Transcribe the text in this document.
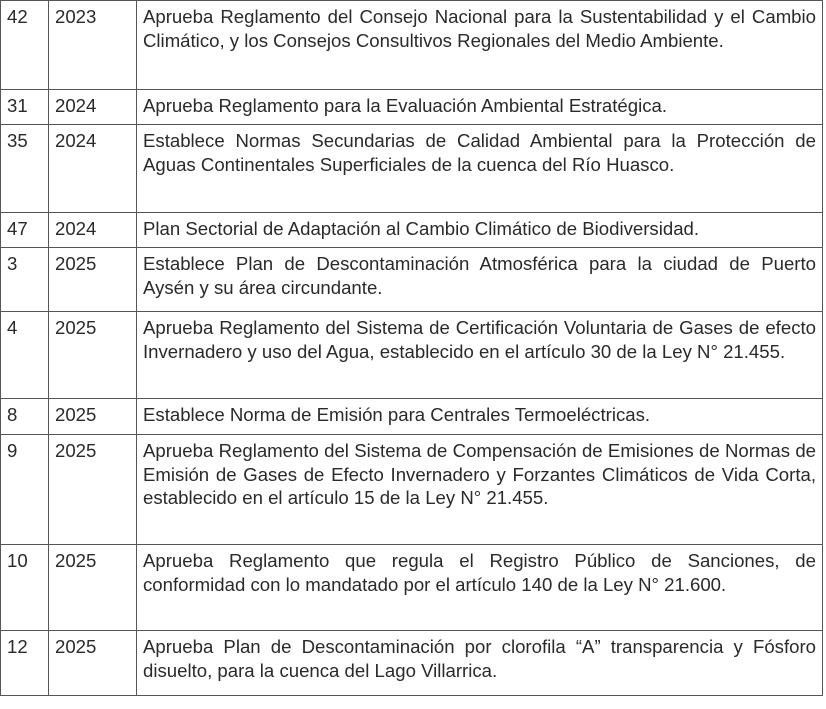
42	2023	Aprueba Reglamento del Consejo Nacional para la Sustentabilidad y el Cambio Climático, y los Consejos Consultivos Regionales del Medio Ambiente.
31	2024	Aprueba Reglamento para la Evaluación Ambiental Estratégica.
35	2024	Establece Normas Secundarias de Calidad Ambiental para la Protección de Aguas Continentales Superficiales de la cuenca del Río Huasco.
47	2024	Plan Sectorial de Adaptación al Cambio Climático de Biodiversidad.
3	2025	Establece Plan de Descontaminación Atmosférica para la ciudad de Puerto Aysén y su área circundante.
4	2025	Aprueba Reglamento del Sistema de Certificación Voluntaria de Gases de efecto Invernadero y uso del Agua, establecido en el artículo 30 de la Ley N° 21.455.
8	2025	Establece Norma de Emisión para Centrales Termoeléctricas.
9	2025	Aprueba Reglamento del Sistema de Compensación de Emisiones de Normas de Emisión de Gases de Efecto Invernadero y Forzantes Climáticos de Vida Corta, establecido en el artículo 15 de la Ley N° 21.455.
10	2025	Aprueba Reglamento que regula el Registro Público de Sanciones, de conformidad con lo mandatado por el artículo 140 de la Ley N° 21.600.
12	2025	Aprueba Plan de Descontaminación por clorofila “A” transparencia y Fósforo disuelto, para la cuenca del Lago Villarrica.
